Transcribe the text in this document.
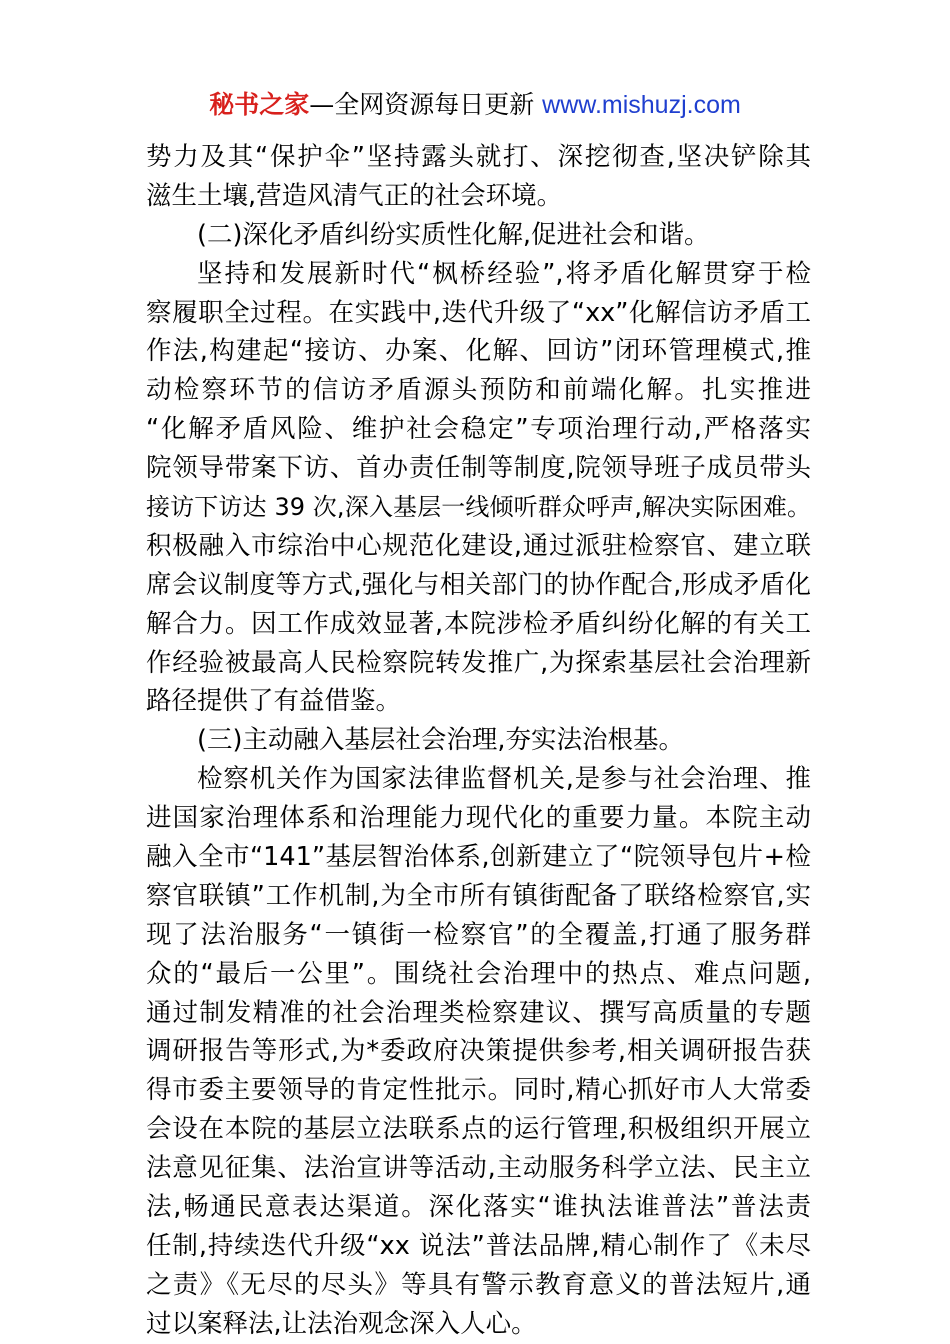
秘书之家—全网资源每日更新 www.mishuzj.com
势力及其“保护伞”坚持露头就打、深挖彻查,坚决铲除其
滋生土壤,营造风清气正的社会环境。
(二)深化矛盾纠纷实质性化解,促进社会和谐。
坚持和发展新时代“枫桥经验”,将矛盾化解贯穿于检
察履职全过程。在实践中,迭代升级了“xx”化解信访矛盾工
作法,构建起“接访、办案、化解、回访”闭环管理模式,推
动检察环节的信访矛盾源头预防和前端化解。扎实推进
“化解矛盾风险、维护社会稳定”专项治理行动,严格落实
院领导带案下访、首办责任制等制度,院领导班子成员带头
接访下访达 39 次,深入基层一线倾听群众呼声,解决实际困难。
积极融入市综治中心规范化建设,通过派驻检察官、建立联
席会议制度等方式,强化与相关部门的协作配合,形成矛盾化
解合力。因工作成效显著,本院涉检矛盾纠纷化解的有关工
作经验被最高人民检察院转发推广,为探索基层社会治理新
路径提供了有益借鉴。
(三)主动融入基层社会治理,夯实法治根基。
检察机关作为国家法律监督机关,是参与社会治理、推
进国家治理体系和治理能力现代化的重要力量。本院主动
融入全市“141”基层智治体系,创新建立了“院领导包片+检
察官联镇”工作机制,为全市所有镇街配备了联络检察官,实
现了法治服务“一镇街一检察官”的全覆盖,打通了服务群
众的“最后一公里”。围绕社会治理中的热点、难点问题,
通过制发精准的社会治理类检察建议、撰写高质量的专题
调研报告等形式,为*委政府决策提供参考,相关调研报告获
得市委主要领导的肯定性批示。同时,精心抓好市人大常委
会设在本院的基层立法联系点的运行管理,积极组织开展立
法意见征集、法治宣讲等活动,主动服务科学立法、民主立
法,畅通民意表达渠道。深化落实“谁执法谁普法”普法责
任制,持续迭代升级“xx 说法”普法品牌,精心制作了《未尽
之责》《无尽的尽头》等具有警示教育意义的普法短片,通
过以案释法,让法治观念深入人心。
